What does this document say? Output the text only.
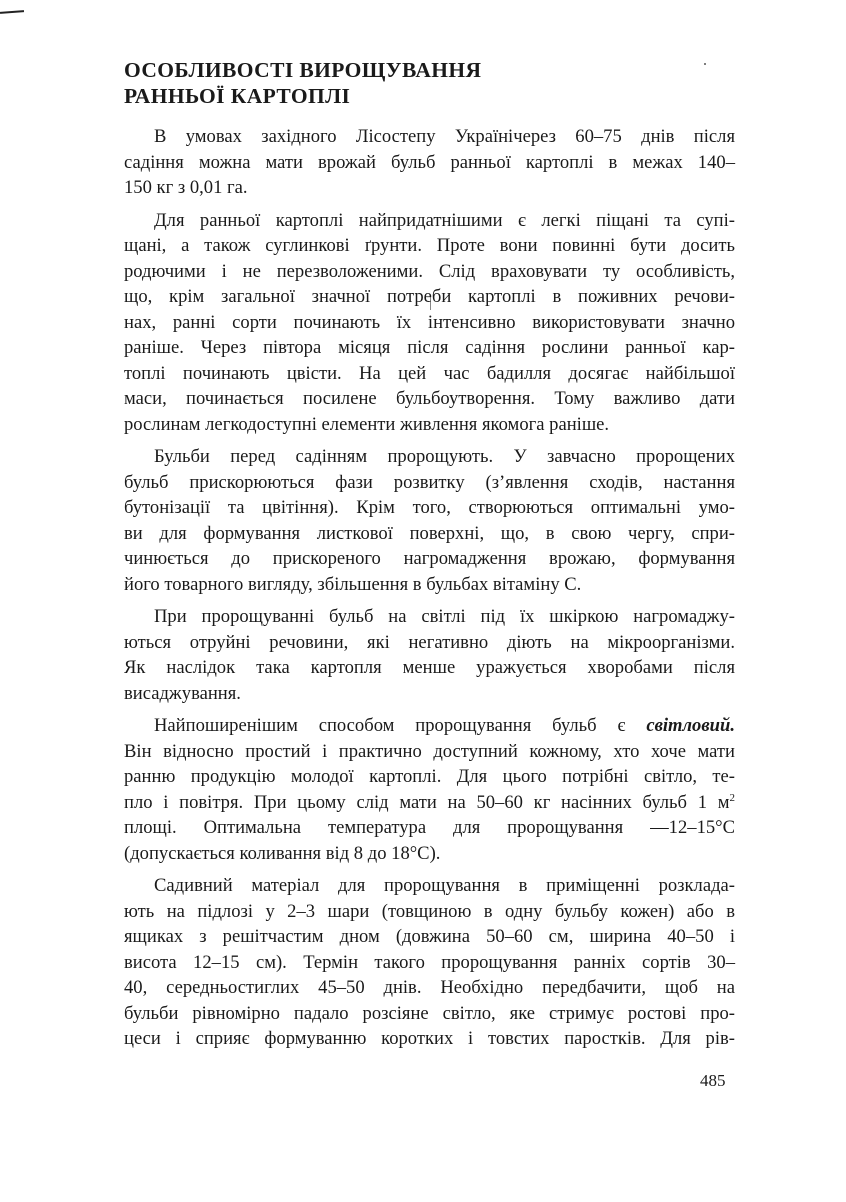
ОСОБЛИВОСТІ ВИРОЩУВАННЯ
РАННЬОЇ КАРТОПЛІ

В умовах західного Лісостепу Українічерез 60–75 днів після
садіння можна мати врожай бульб ранньої картоплі в межах 140–
150 кг з 0,01 га.

Для ранньої картоплі найпридатнішими є легкі піщані та супі-
щані, а також суглинкові ґрунти. Проте вони повинні бути досить
родючими і не перезволоженими. Слід враховувати ту особливість,
що, крім загальної значної потреби картоплі в поживних речови-
нах, ранні сорти починають їх інтенсивно використовувати значно
раніше. Через півтора місяця після садіння рослини ранньої кар-
топлі починають цвісти. На цей час бадилля досягає найбільшої
маси, починається посилене бульбоутворення. Тому важливо дати
рослинам легкодоступні елементи живлення якомога раніше.

Бульби перед садінням пророщують. У завчасно пророщених
бульб прискорюються фази розвитку (з’явлення сходів, настання
бутонізації та цвітіння). Крім того, створюються оптимальні умо-
ви для формування листкової поверхні, що, в свою чергу, спри-
чинюється до прискореного нагромадження врожаю, формування
його товарного вигляду, збільшення в бульбах вітаміну С.

При пророщуванні бульб на світлі під їх шкіркою нагромаджу-
ються отруйні речовини, які негативно діють на мікроорганізми.
Як наслідок така картопля менше уражується хворобами після
висаджування.

Найпоширенішим способом пророщування бульб є світловий.
Він відносно простий і практично доступний кожному, хто хоче мати
ранню продукцію молодої картоплі. Для цього потрібні світло, те-
пло і повітря. При цьому слід мати на 50–60 кг насінних бульб 1 $м^2$
площі. Оптимальна температура для пророщування —12–15°С
(допускається коливання від 8 до 18°С).

Садивний матеріал для пророщування в приміщенні розклада-
ють на підлозі у 2–3 шари (товщиною в одну бульбу кожен) або в
ящиках з решітчастим дном (довжина 50–60 см, ширина 40–50 і
висота 12–15 см). Термін такого пророщування ранніх сортів 30–
40, середньостиглих 45–50 днів. Необхідно передбачити, щоб на
бульби рівномірно падало розсіяне світло, яке стримує ростові про-
цеси і сприяє формуванню коротких і товстих паростків. Для рів-

485
